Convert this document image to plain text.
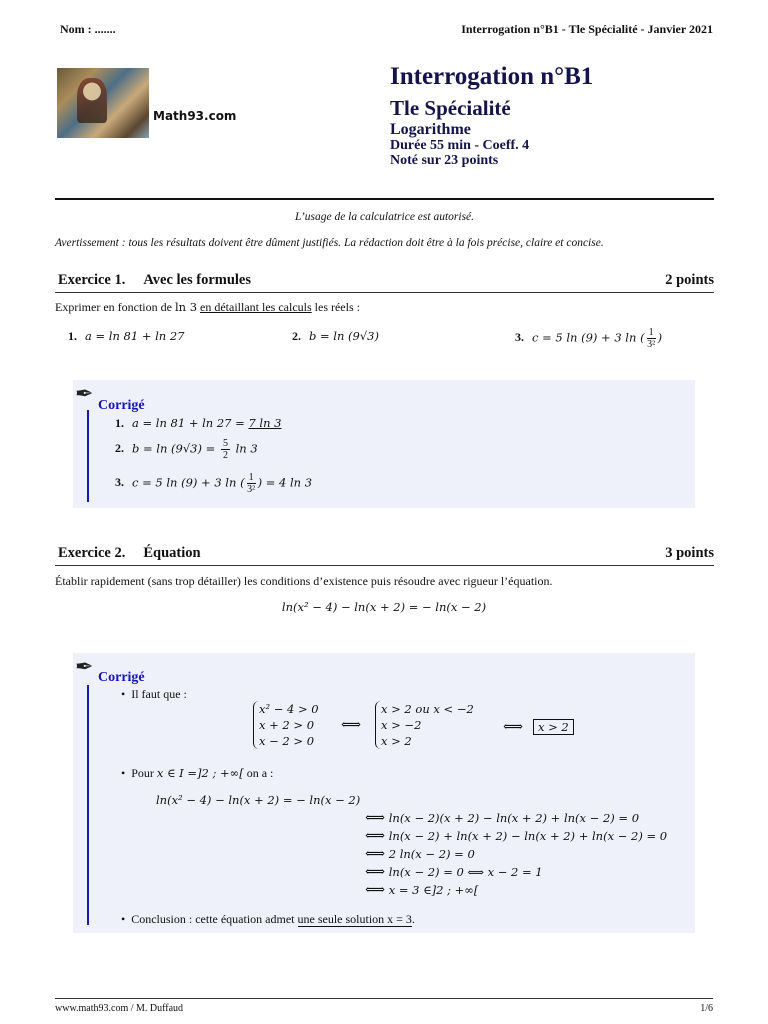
Nom : .......	Interrogation n°B1 - Tle Spécialité - Janvier 2021
Math93.com
Interrogation n°B1
Tle Spécialité
Logarithme
Durée 55 min - Coeff. 4
Noté sur 23 points
L’usage de la calculatrice est autorisé.
Avertissement : tous les résultats doivent être dûment justifiés. La rédaction doit être à la fois précise, claire et concise.
Exercice 1. Avec les formules	2 points
Exprimer en fonction de ln 3 en détaillant les calculs les réels :
1. a = ln 81 + ln 27	2. b = ln (9√3)	3. c = 5 ln (9) + 3 ln ( $\frac{1}{\text{3²}}$ )
✒ Corrigé
1. a = ln 81 + ln 27 = 7 ln 3
2. $b = \ln (9√3) = \frac{5}{2}$ ln 3
3. c = 5 ln (9) + 3 ln ( $\frac{1}{\text{3²}}$ ) = 4 ln 3
Exercice 2. Équation	3 points
Établir rapidement (sans trop détailler) les conditions d’existence puis résoudre avec rigueur l’équation.
ln(x² − 4) − ln(x + 2) = − ln(x − 2)
✒ Corrigé
• Il faut que :
x² − 4 > 0
x + 2 > 0
x − 2 > 0
⟺
x > 2 ou x < −2
x > −2
x > 2
⟺	x > 2
• Pour x ∈ I =]2 ; +∞[ on a :
ln(x² − 4) − ln(x + 2) = − ln(x − 2)
⟺ ln(x − 2)(x + 2) − ln(x + 2) + ln(x − 2) = 0
⟺ ln(x − 2) + ln(x + 2) − ln(x + 2) + ln(x − 2) = 0
⟺ 2 ln(x − 2) = 0
⟺ ln(x − 2) = 0 ⟺ x − 2 = 1
⟺ x = 3 ∈]2 ; +∞[
• Conclusion : cette équation admet une seule solution x = 3.
www.math93.com / M. Duffaud	1/6
